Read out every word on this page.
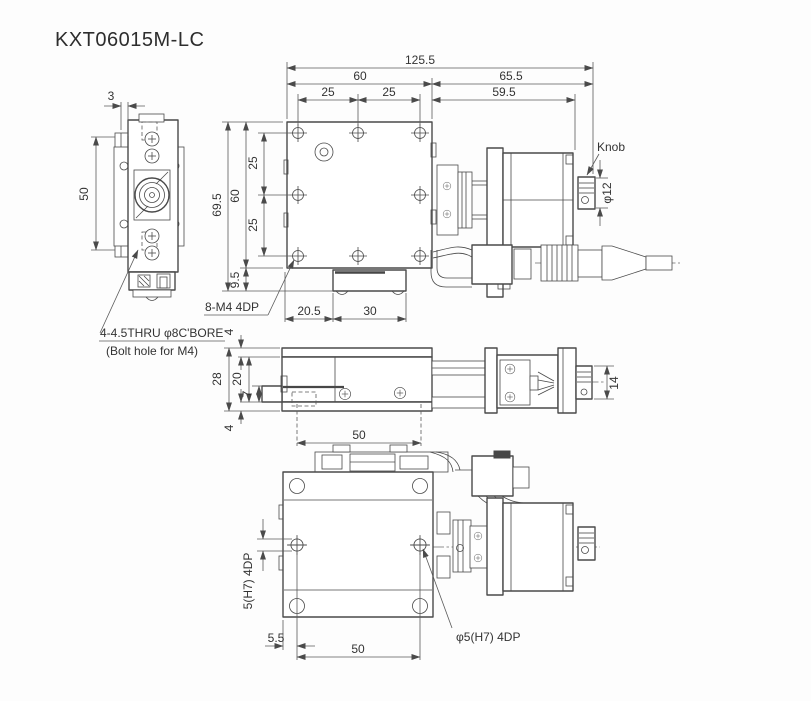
KXT06015M-LC
3
50
4-4.5THRU φ8C'BORE
(Bolt hole for M4)
125.5
60	65.5
25	25	59.5
69.5 60
9.5
25
25
20.5	30
8-M4 4DP
Knob
φ12
4
28 20
7
4	50
14
5(H7) 4DP
5.5
50
φ5(H7) 4DP
